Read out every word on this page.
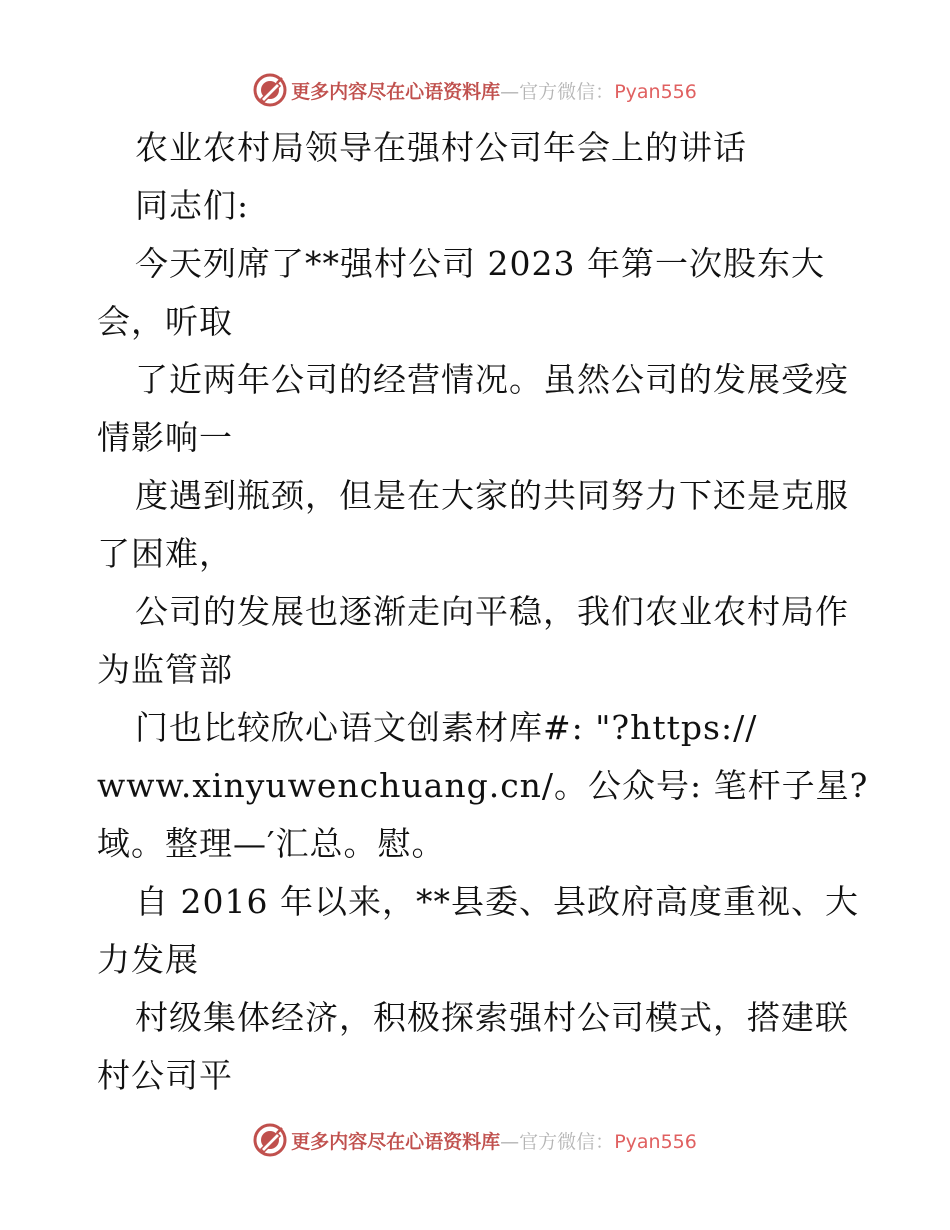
更多内容尽在心语资料库—官方微信：Pyan556
农业农村局领导在强村公司年会上的讲话
同志们:
今天列席了**强村公司 2023 年第一次股东大
会，听取
了近两年公司的经营情况。虽然公司的发展受疫
情影响一
度遇到瓶颈，但是在大家的共同努力下还是克服
了困难，
公司的发展也逐渐走向平稳，我们农业农村局作
为监管部
门也比较欣心语文创素材库#: "?https://
www.xinyuwenchuang.cn/。公众号: 笔杆子星?
域。整理—′汇总。慰。
自 2016 年以来，**县委、县政府高度重视、大
力发展
村级集体经济，积极探索强村公司模式，搭建联
村公司平
更多内容尽在心语资料库—官方微信：Pyan556
